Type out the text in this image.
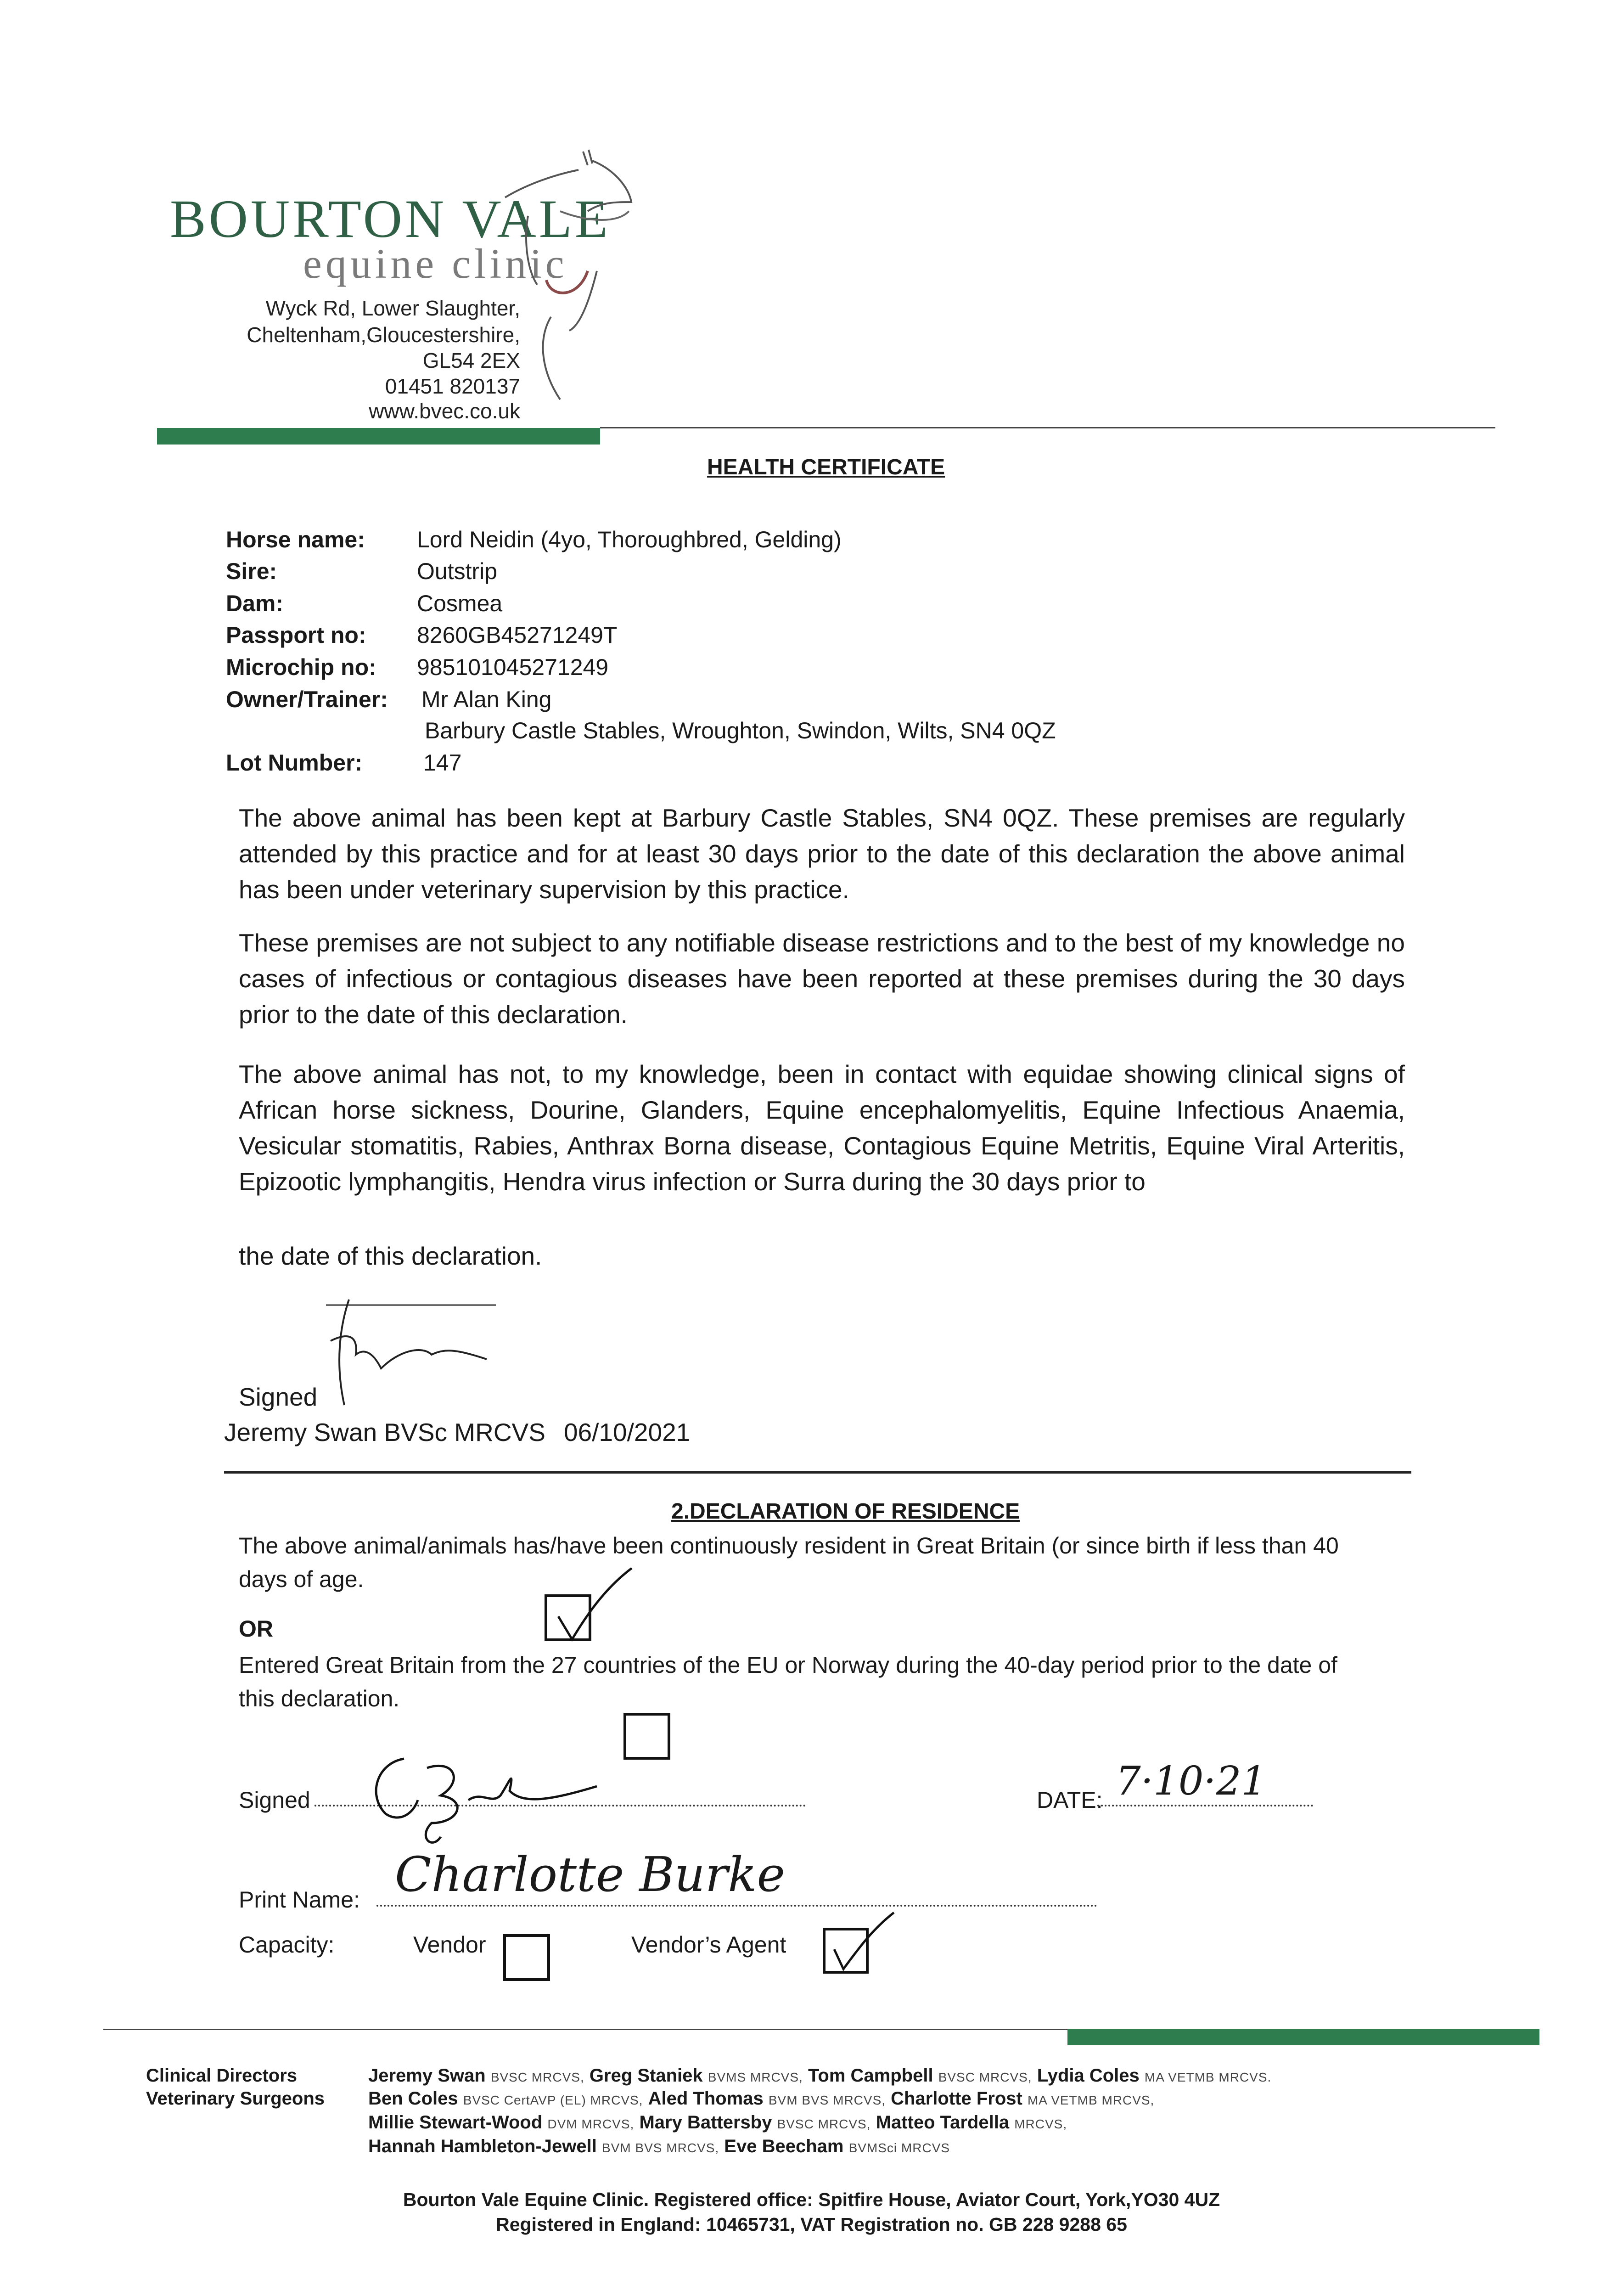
BOURTON VALE
equine clinic
Wyck Rd, Lower Slaughter,
Cheltenham,Gloucestershire,
GL54 2EX
01451 820137
www.bvec.co.uk
HEALTH CERTIFICATE
Horse name: Lord Neidin (4yo, Thoroughbred, Gelding)
Sire:	Outstrip
Dam:	Cosmea
Passport no: 8260GB45271249T
Microchip no: 985101045271249
Owner/Trainer: Mr Alan King
Barbury Castle Stables, Wroughton, Swindon, Wilts, SN4 0QZ
Lot Number:	147
The above animal has been kept at Barbury Castle Stables, SN4 0QZ. These premises are regularly attended by this practice and for at least 30 days prior to the date of this declaration the above animal has been under veterinary supervision by this practice.
These premises are not subject to any notifiable disease restrictions and to the best of my knowledge no cases of infectious or contagious diseases have been reported at these premises during the 30 days prior to the date of this declaration.
The above animal has not, to my knowledge, been in contact with equidae showing clinical signs of African horse sickness, Dourine, Glanders, Equine encephalomyelitis, Equine Infectious Anaemia, Vesicular stomatitis, Rabies, Anthrax Borna disease, Contagious Equine Metritis, Equine Viral Arteritis, Epizootic lymphangitis, Hendra virus infection or Surra during the 30 days prior to
the date of this declaration.
Signed
Jeremy Swan BVSc MRCVS 06/10/2021
2.DECLARATION OF RESIDENCE
The above animal/animals has/have been continuously resident in Great Britain (or since birth if less than 40 days of age.
OR
Entered Great Britain from the 27 countries of the EU or Norway during the 40-day period prior to the date of this declaration.
Signed	DATE: 7·10·21
Print Name: Charlotte Burke
Capacity:	Vendor	Vendor’s Agent
Clinical Directors
Veterinary Surgeons
Jeremy Swan BVSC MRCVS, Greg Staniek BVMS MRCVS, Tom Campbell BVSC MRCVS, Lydia Coles MA VETMB MRCVS.
Ben Coles BVSC CertAVP (EL) MRCVS, Aled Thomas BVM BVS MRCVS, Charlotte Frost MA VETMB MRCVS,
Millie Stewart-Wood DVM MRCVS, Mary Battersby BVSC MRCVS, Matteo Tardella MRCVS,
Hannah Hambleton-Jewell BVM BVS MRCVS, Eve Beecham BVMSci MRCVS
Bourton Vale Equine Clinic. Registered office: Spitfire House, Aviator Court, York,YO30 4UZ
Registered in England: 10465731, VAT Registration no. GB 228 9288 65
